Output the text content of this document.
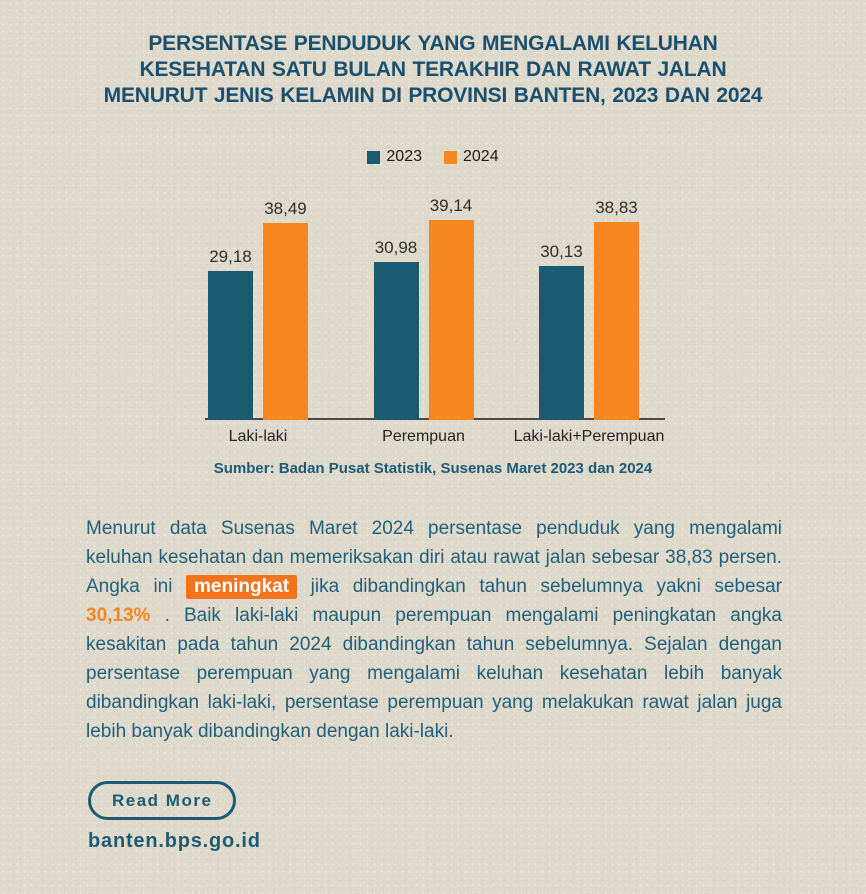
PERSENTASE PENDUDUK YANG MENGALAMI KELUHAN
KESEHATAN SATU BULAN TERAKHIR DAN RAWAT JALAN
MENURUT JENIS KELAMIN DI PROVINSI BANTEN, 2023 DAN 2024
2023	2024
29,18
38,49
Laki-laki
30,98
39,14
Perempuan
30,13
38,83
Laki-laki+Perempuan
Sumber: Badan Pusat Statistik, Susenas Maret 2023 dan 2024
Menurut data Susenas Maret 2024 persentase penduduk yang mengalami keluhan kesehatan dan memeriksakan diri atau rawat jalan sebesar 38,83 persen. Angka ini meningkat jika dibandingkan tahun sebelumnya yakni sebesar 30,13% . Baik laki-laki maupun perempuan mengalami peningkatan angka kesakitan pada tahun 2024 dibandingkan tahun sebelumnya. Sejalan dengan persentase perempuan yang mengalami keluhan kesehatan lebih banyak dibandingkan laki-laki, persentase perempuan yang melakukan rawat jalan juga lebih banyak dibandingkan dengan laki-laki.
Read More
banten.bps.go.id
